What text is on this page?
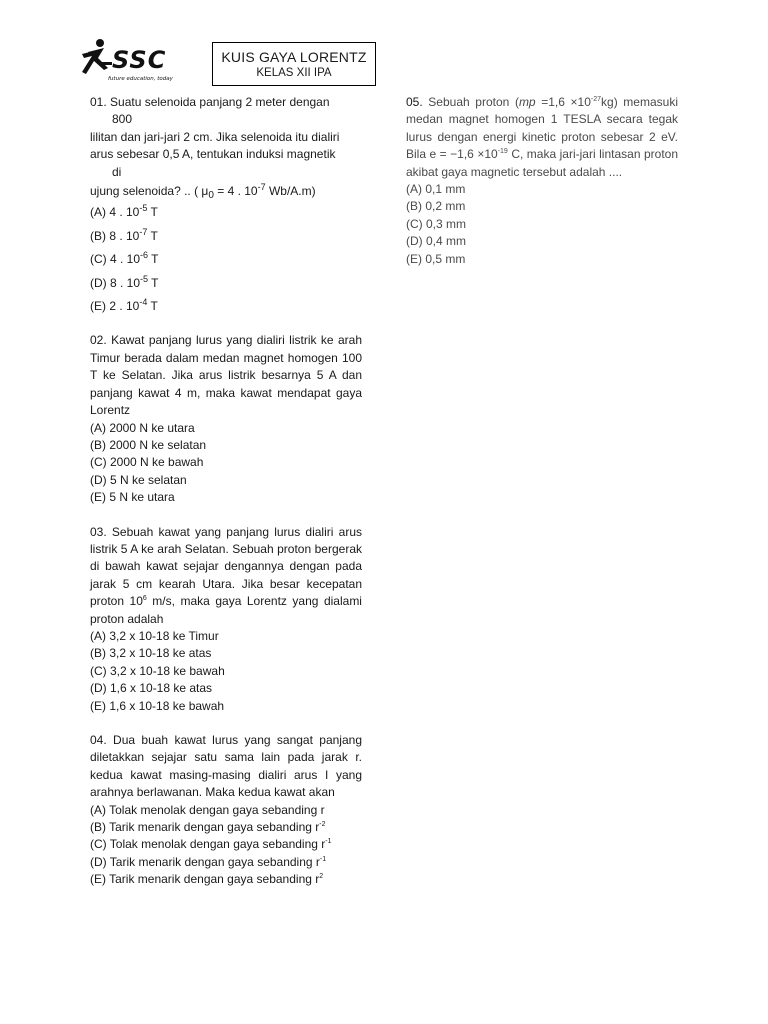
SSC
future education, today
KUIS GAYA LORENTZ
KELAS XII IPA

01. Suatu selenoida panjang 2 meter dengan

800

lilitan dan jari-jari 2 cm. Jika selenoida itu dialiri

arus sebesar 0,5 A, tentukan induksi magnetik

di

ujung selenoida? .. ( $\mu_0 = 4$ . $10^{-7}$ Wb/A.m)

(A) 4 . $10^{-5}$ T

(B) 8 . $10^{-7}$ T

(C) 4 . $10^{-6}$ T

(D) 8 . $10^{-5}$ T

(E) 2 . $10^{-4}$ T

02. Kawat panjang lurus yang dialiri listrik ke arah Timur berada dalam medan magnet homogen 100 T ke Selatan. Jika arus listrik besarnya 5 A dan panjang kawat 4 m, maka kawat mendapat gaya Lorentz

(A) 2000 N ke utara

(B) 2000 N ke selatan

(C) 2000 N ke bawah

(D) 5 N ke selatan

(E) 5 N ke utara

03. Sebuah kawat yang panjang lurus dialiri arus listrik 5 A ke arah Selatan. Sebuah proton bergerak di bawah kawat sejajar dengannya dengan pada jarak 5 cm kearah Utara. Jika besar kecepatan proton $10^6$ m/s, maka gaya Lorentz yang dialami proton adalah

(A) 3,2 x 10-18 ke Timur

(B) 3,2 x 10-18 ke atas

(C) 3,2 x 10-18 ke bawah

(D) 1,6 x 10-18 ke atas

(E) 1,6 x 10-18 ke bawah

04. Dua buah kawat lurus yang sangat panjang diletakkan sejajar satu sama lain pada jarak r. kedua kawat masing-masing dialiri arus I yang arahnya berlawanan. Maka kedua kawat akan

(A) Tolak menolak dengan gaya sebanding r

(B) Tarik menarik dengan gaya sebanding $r^{-2}$

(C) Tolak menolak dengan gaya sebanding $r^{-1}$

(D) Tarik menarik dengan gaya sebanding $r^{-1}$

(E) Tarik menarik dengan gaya sebanding $r^2$

05. Sebuah proton $(mp =1,6 \times 10^{-27}kg)$ memasuki medan magnet homogen 1 TESLA secara tegak lurus dengan energi kinetic proton sebesar 2 eV. Bila $e = -1,6 \times 10^{-19}$ C, maka jari-jari lintasan proton akibat gaya magnetic tersebut adalah ....

(A) 0,1 mm

(B) 0,2 mm

(C) 0,3 mm

(D) 0,4 mm

(E) 0,5 mm
